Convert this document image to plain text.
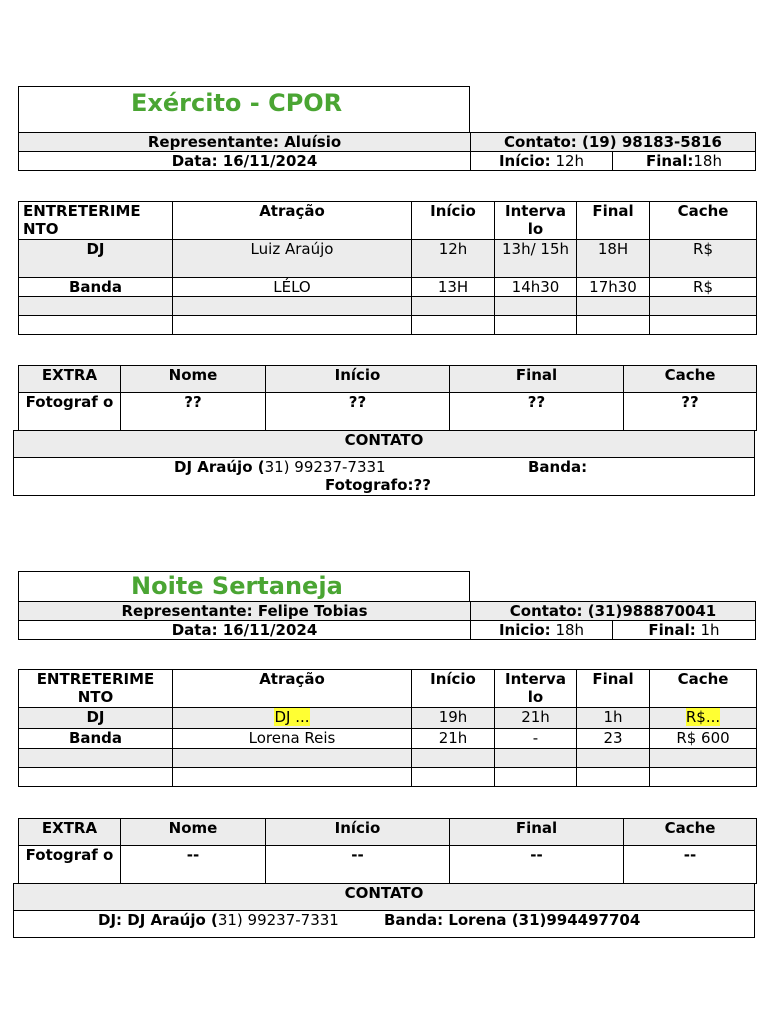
Exército - CPOR
Representante: Aluísio	Contato: (19) 98183-5816	
Data: 16/11/2024	Início: 12h	Final:18h
ENTRETERIME NTO	Atração	Início	Interva lo	Final	Cache
DJ	Luiz Araújo	12h	13h/ 15h	18H	R$
Banda	LÉLO	13H	14h30	17h30	R$

EXTRA	Nome	Início	Final	Cache
Fotograf o	??	??	??	??
CONTATO

DJ Araújo (31) 99237-7331	Banda:
Fotografo:??
Noite Sertaneja
Representante: Felipe Tobias	Contato: (31)988870041	
Data: 16/11/2024	Inicio: 18h	Final: 1h
ENTRETERIME NTO	Atração	Início	Interva lo	Final	Cache
DJ	DJ ...	19h	21h	1h	R$...
Banda	Lorena Reis	21h	-	23	R$ 600

EXTRA	Nome	Início	Final	Cache
Fotograf o	--	--	--	--
CONTATO

DJ: DJ Araújo (31) 99237-7331	Banda: Lorena (31)994497704
